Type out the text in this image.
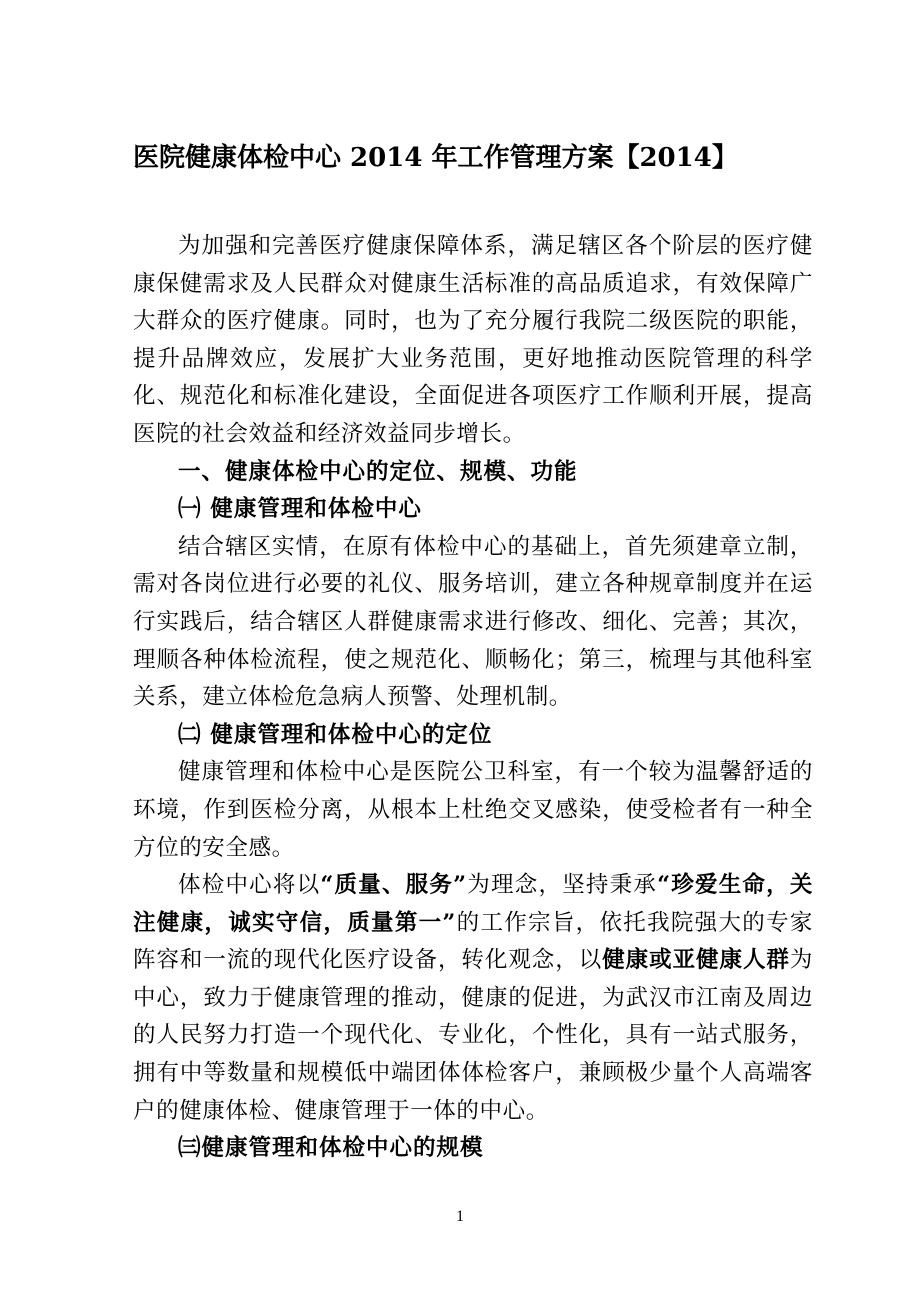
医院健康体检中心 2014 年工作管理方案【2014】

为加强和完善医疗健康保障体系，满足辖区各个阶层的医疗健康保健需求及人民群众对健康生活标准的高品质追求，有效保障广大群众的医疗健康。同时，也为了充分履行我院二级医院的职能，提升品牌效应，发展扩大业务范围，更好地推动医院管理的科学化、规范化和标准化建设，全面促进各项医疗工作顺利开展，提高医院的社会效益和经济效益同步增长。

一、健康体检中心的定位、规模、功能

㈠ 健康管理和体检中心

结合辖区实情，在原有体检中心的基础上，首先须建章立制，需对各岗位进行必要的礼仪、服务培训，建立各种规章制度并在运行实践后，结合辖区人群健康需求进行修改、细化、完善；其次，理顺各种体检流程，使之规范化、顺畅化；第三，梳理与其他科室关系，建立体检危急病人预警、处理机制。

㈡ 健康管理和体检中心的定位

健康管理和体检中心是医院公卫科室，有一个较为温馨舒适的环境，作到医检分离，从根本上杜绝交叉感染，使受检者有一种全方位的安全感。

体检中心将以“质量、服务”为理念，坚持秉承“珍爱生命，关注健康，诚实守信，质量第一”的工作宗旨，依托我院强大的专家阵容和一流的现代化医疗设备，转化观念，以健康或亚健康人群为中心，致力于健康管理的推动，健康的促进，为武汉市江南及周边的人民努力打造一个现代化、专业化，个性化，具有一站式服务，拥有中等数量和规模低中端团体体检客户，兼顾极少量个人高端客户的健康体检、健康管理于一体的中心。

㈢健康管理和体检中心的规模

1
